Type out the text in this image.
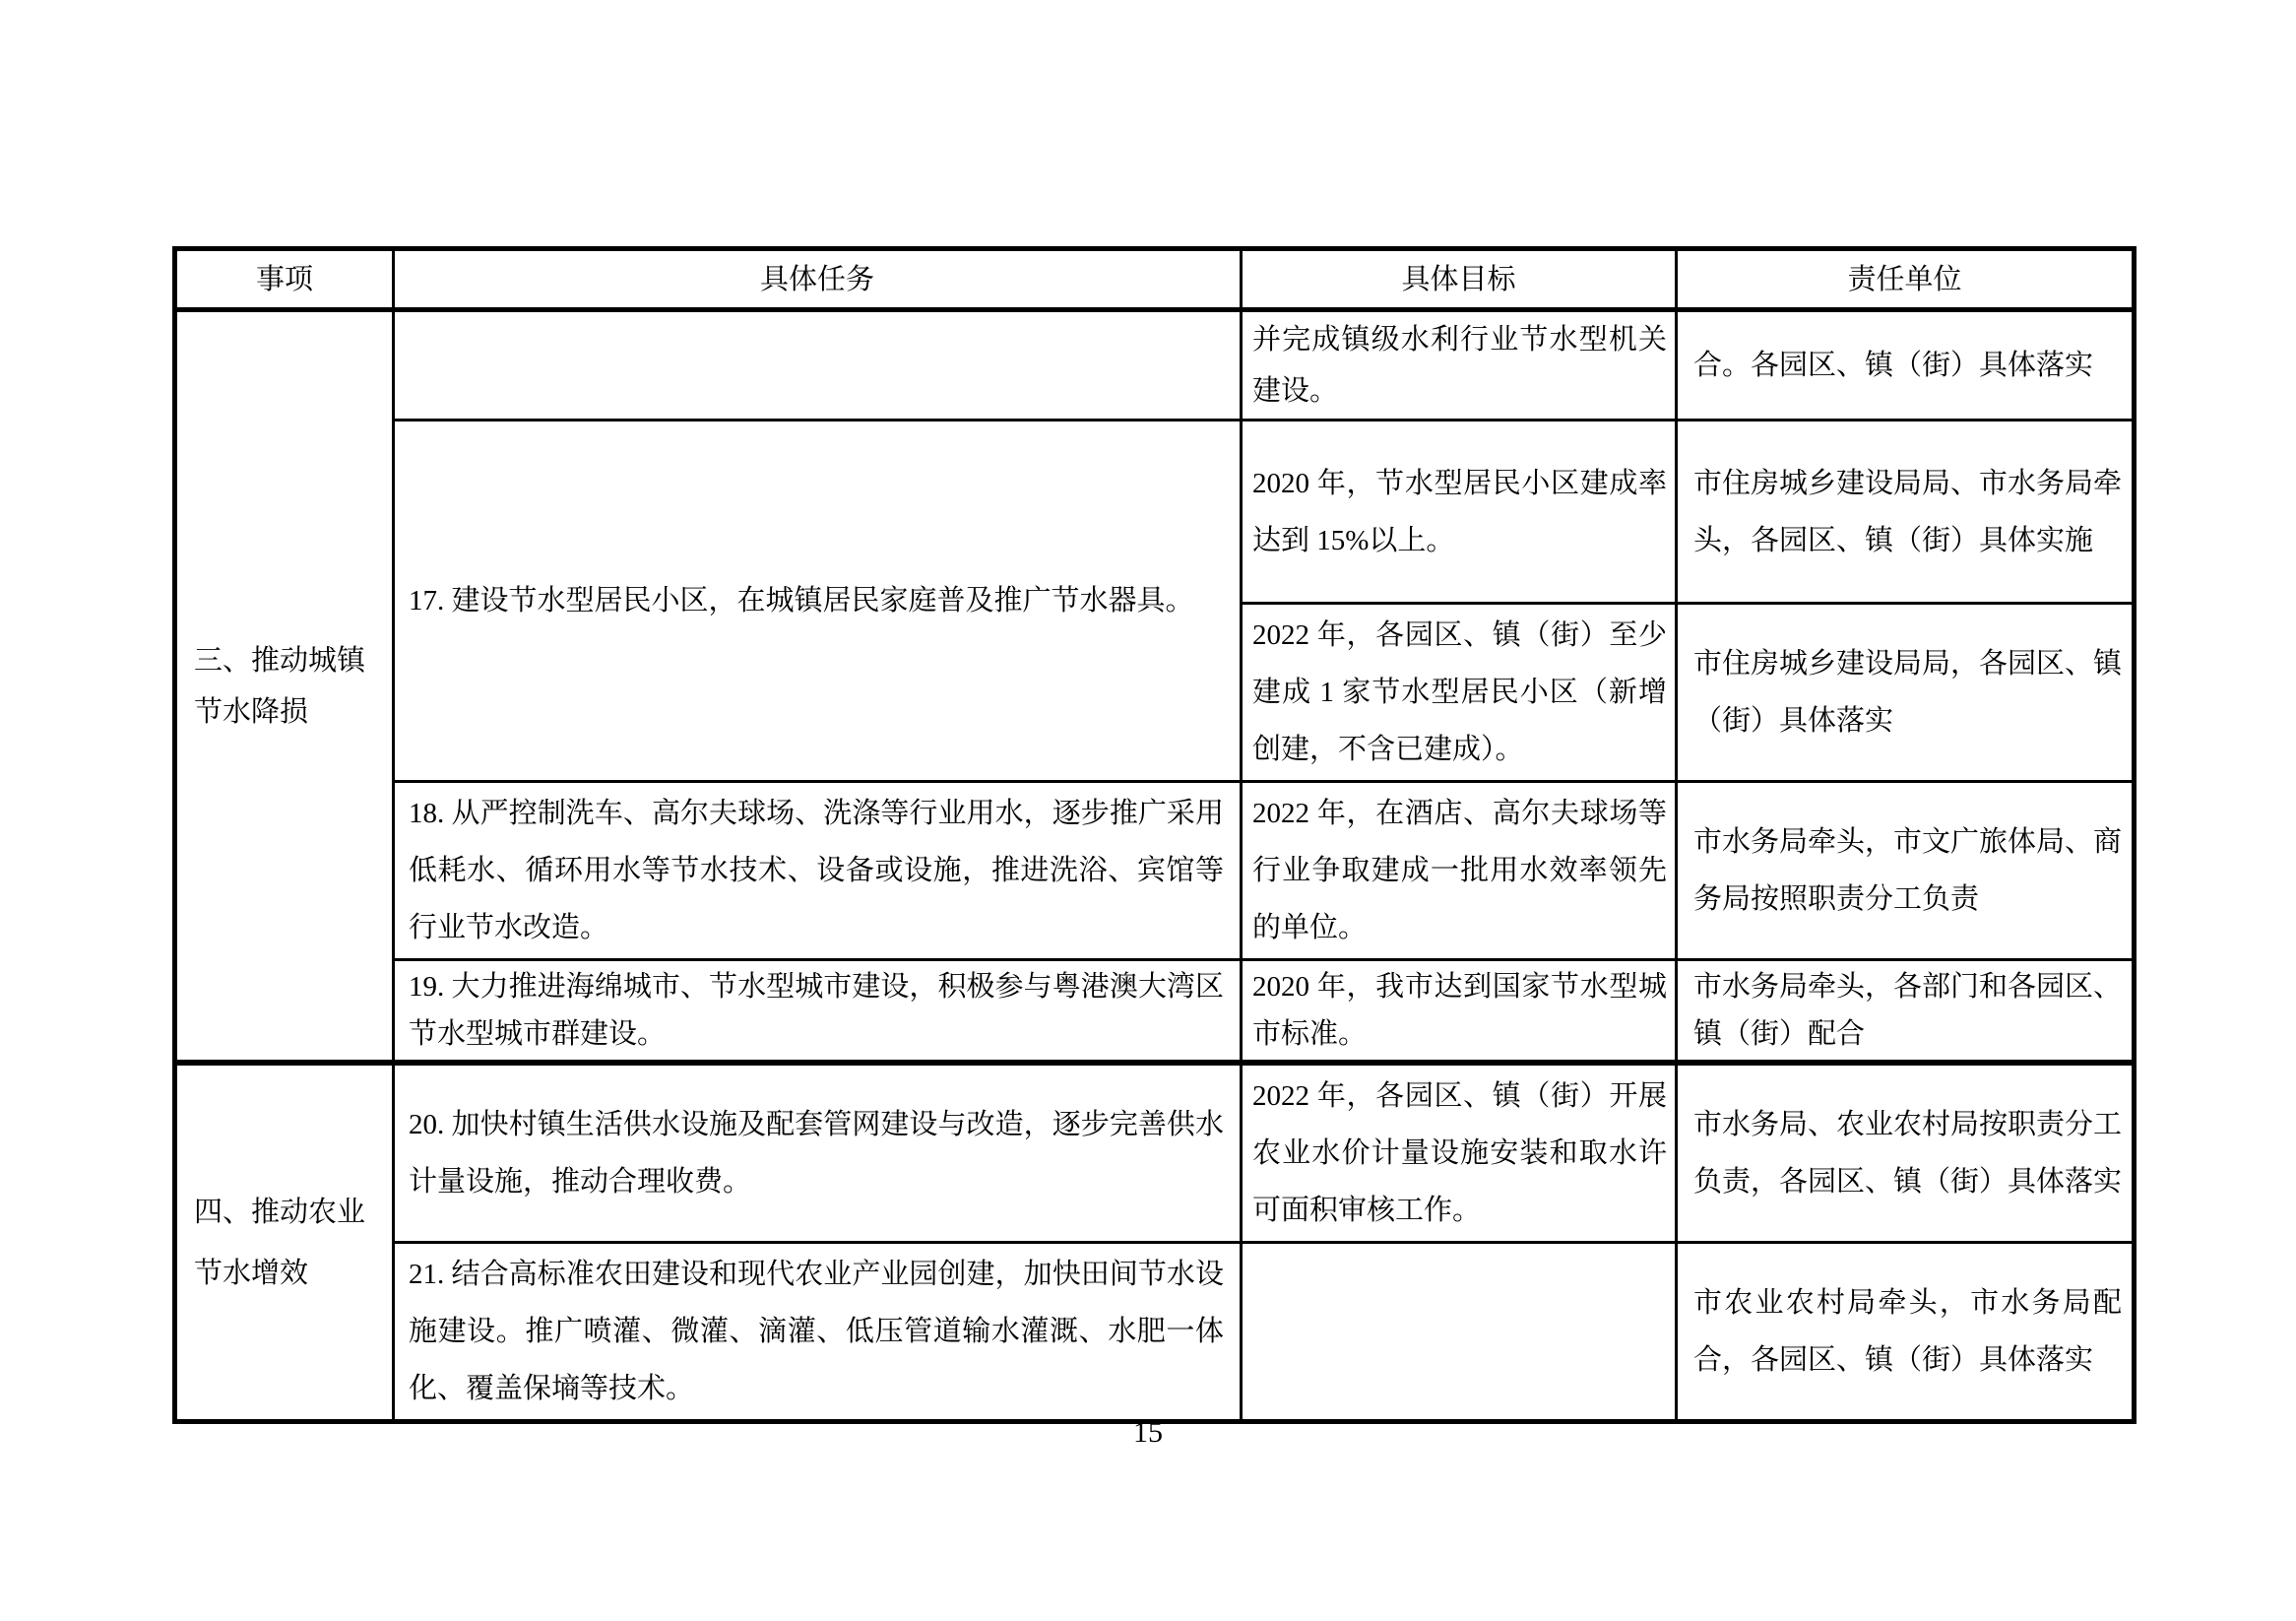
事项	具体任务	具体目标	责任单位
三、推动城镇节水降损		并完成镇级水利行业节水型机关建设。	合。各园区、镇（街）具体落实
	17. 建设节水型居民小区，在城镇居民家庭普及推广节水器具。	2020 年，节水型居民小区建成率达到 15%以上。	市住房城乡建设局局、市水务局牵头，各园区、镇（街）具体实施
		2022 年，各园区、镇（街）至少建成 1 家节水型居民小区（新增创建，不含已建成）。	市住房城乡建设局局，各园区、镇（街）具体落实
	18. 从严控制洗车、高尔夫球场、洗涤等行业用水，逐步推广采用低耗水、循环用水等节水技术、设备或设施，推进洗浴、宾馆等行业节水改造。	2022 年，在酒店、高尔夫球场等行业争取建成一批用水效率领先的单位。	市水务局牵头，市文广旅体局、商务局按照职责分工负责
	19. 大力推进海绵城市、节水型城市建设，积极参与粤港澳大湾区节水型城市群建设。	2020 年，我市达到国家节水型城市标准。	市水务局牵头，各部门和各园区、镇（街）配合
四、推动农业节水增效	20. 加快村镇生活供水设施及配套管网建设与改造，逐步完善供水计量设施，推动合理收费。	2022 年，各园区、镇（街）开展农业水价计量设施安装和取水许可面积审核工作。	市水务局、农业农村局按职责分工负责，各园区、镇（街）具体落实
	21. 结合高标准农田建设和现代农业产业园创建，加快田间节水设施建设。推广喷灌、微灌、滴灌、低压管道输水灌溉、水肥一体化、覆盖保墒等技术。		市农业农村局牵头，市水务局配合，各园区、镇（街）具体落实
15
